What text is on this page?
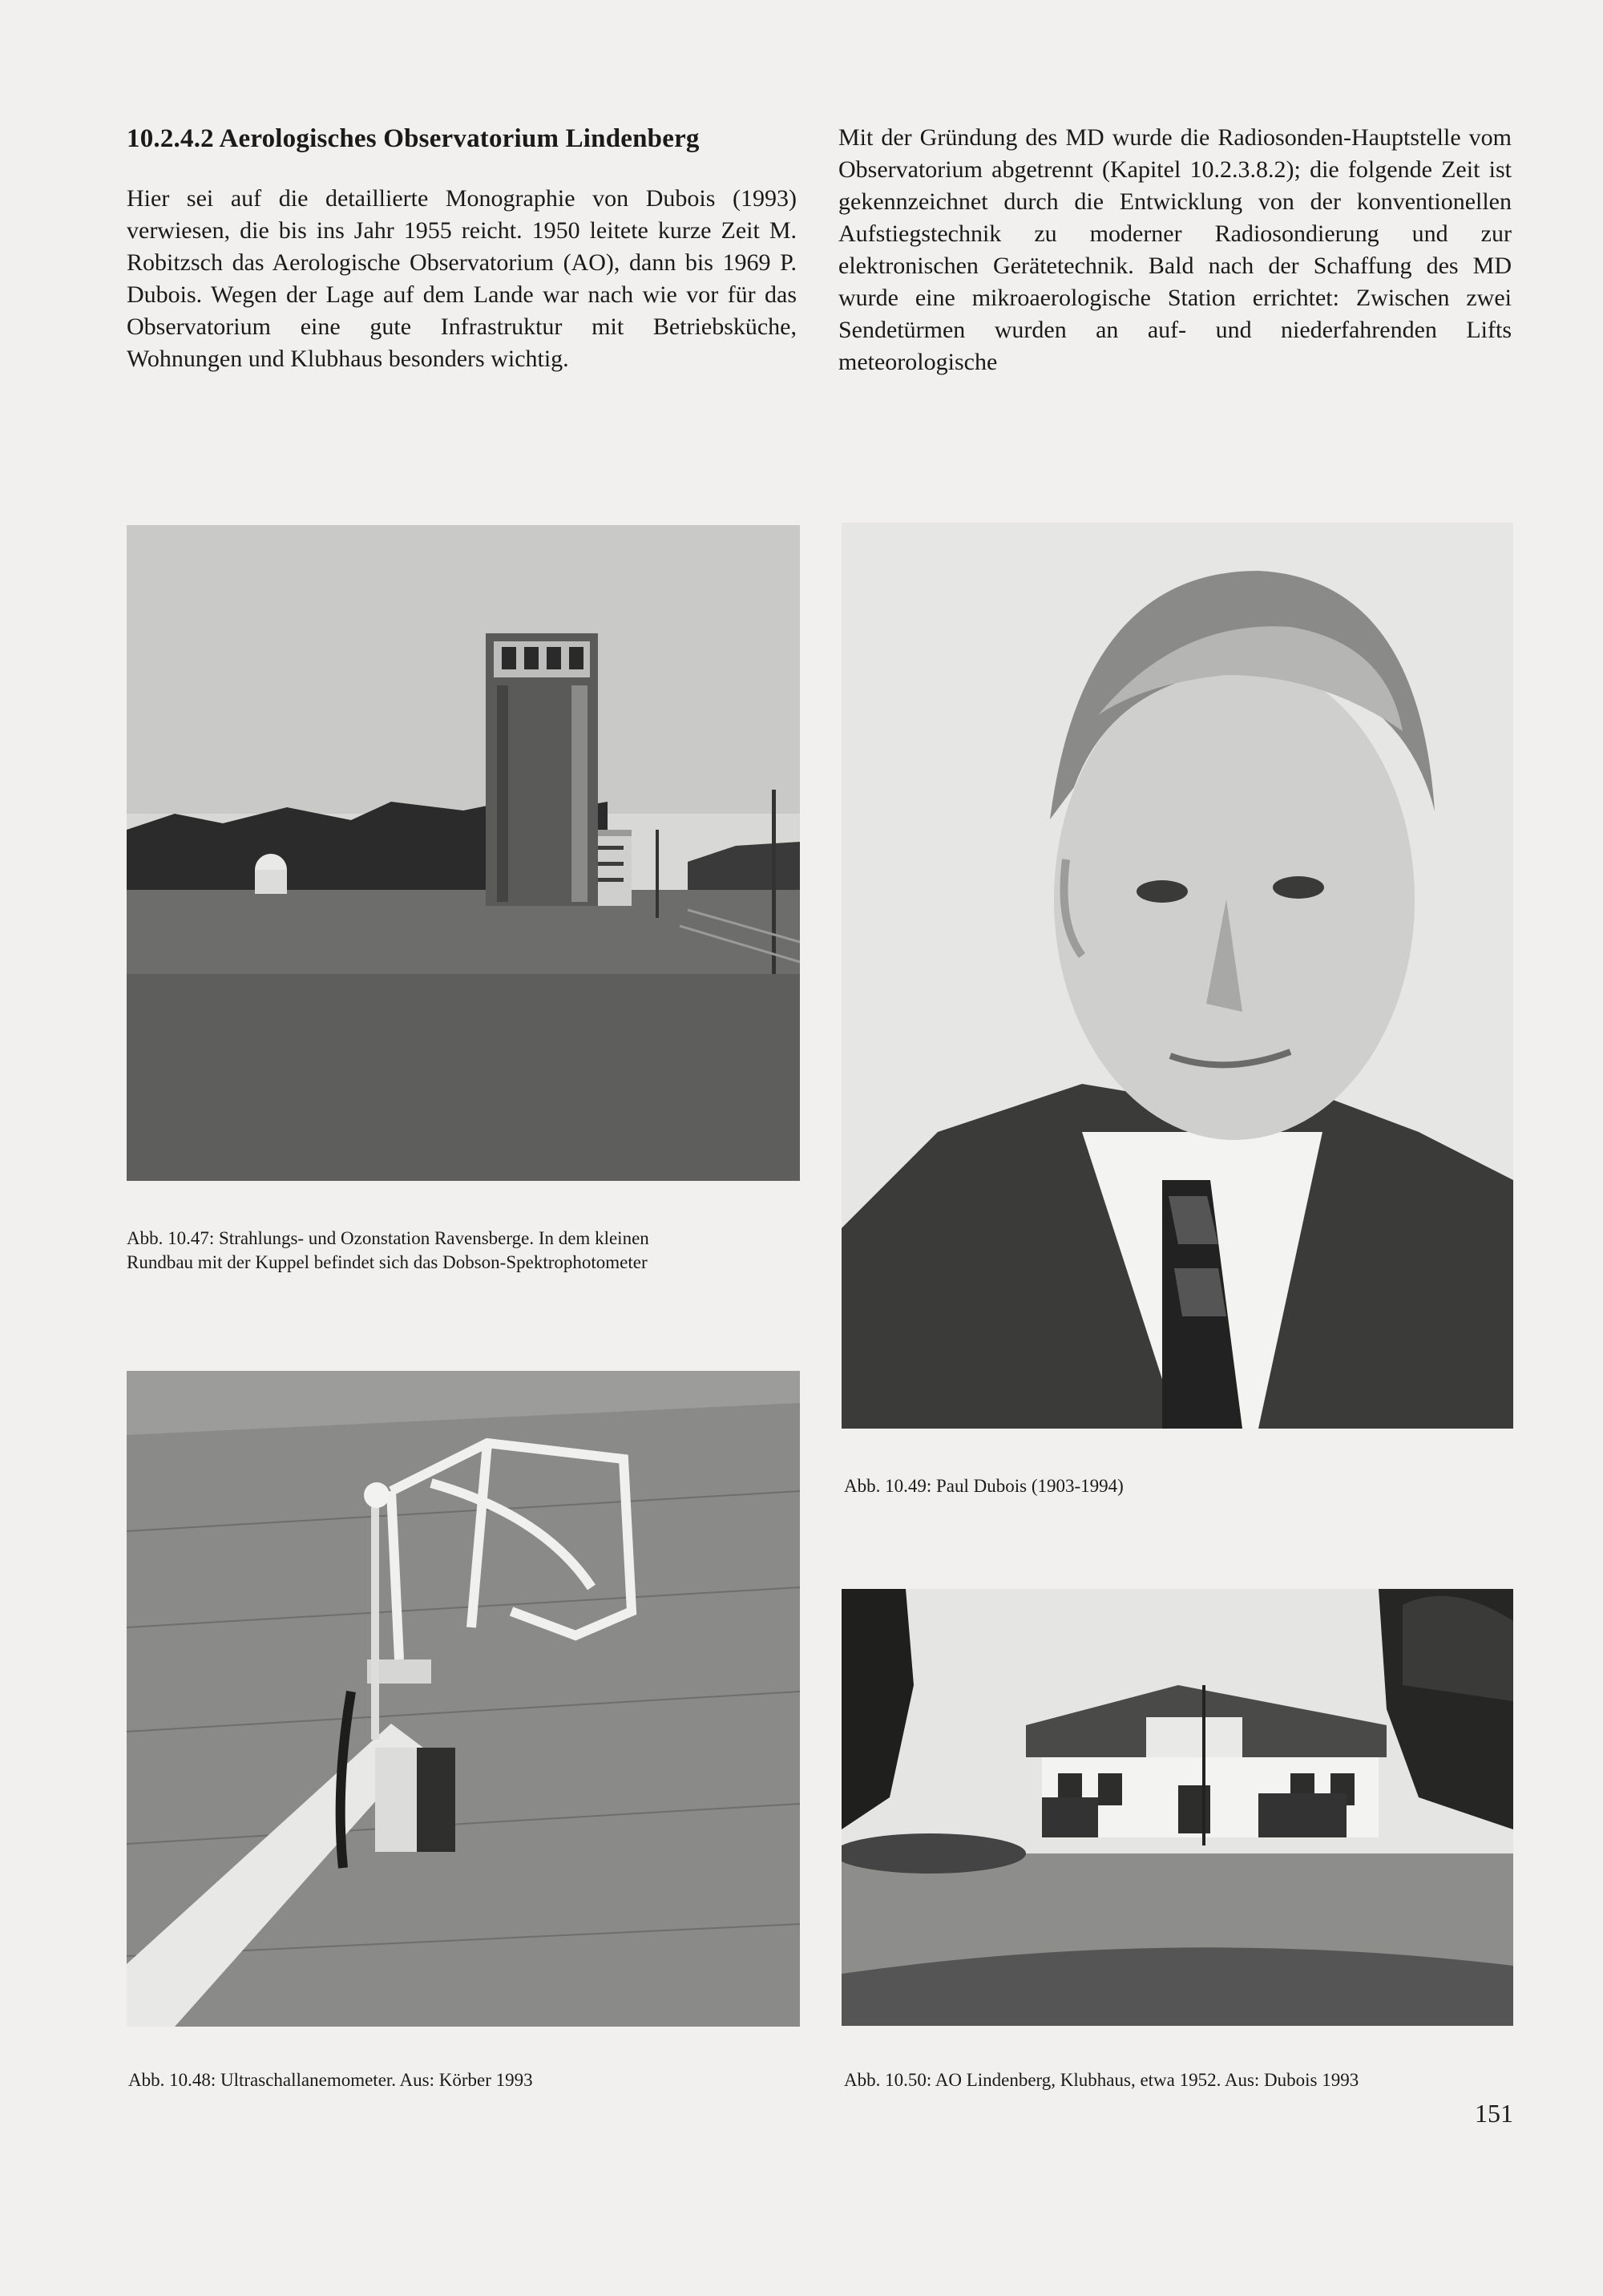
10.2.4.2 Aerologisches Observatorium Lindenberg

Hier sei auf die detaillierte Monographie von Dubois (1993) verwiesen, die bis ins Jahr 1955 reicht. 1950 leitete kurze Zeit M. Robitzsch das Aerologische Observatorium (AO), dann bis 1969 P. Dubois. Wegen der Lage auf dem Lande war nach wie vor für das Observatorium eine gute Infrastruktur mit Betriebsküche, Wohnungen und Klubhaus besonders wichtig.

Mit der Gründung des MD wurde die Radiosonden-Hauptstelle vom Observatorium abgetrennt (Kapitel 10.2.3.8.2); die folgende Zeit ist gekennzeichnet durch die Entwicklung von der konventionellen Aufstiegstechnik zu moderner Radiosondierung und zur elektronischen Gerätetechnik. Bald nach der Schaffung des MD wurde eine mikroaerologische Station errichtet: Zwischen zwei Sendetürmen wurden an auf- und niederfahrenden Lifts meteorologische

Abb. 10.47: Strahlungs- und Ozonstation Ravensberge. In dem kleinen
Rundbau mit der Kuppel befindet sich das Dobson-Spektrophotometer

Abb. 10.49: Paul Dubois (1903-1994)

Abb. 10.48: Ultraschallanemometer. Aus: Körber 1993	Abb. 10.50: AO Lindenberg, Klubhaus, etwa 1952. Aus: Dubois 1993

151
